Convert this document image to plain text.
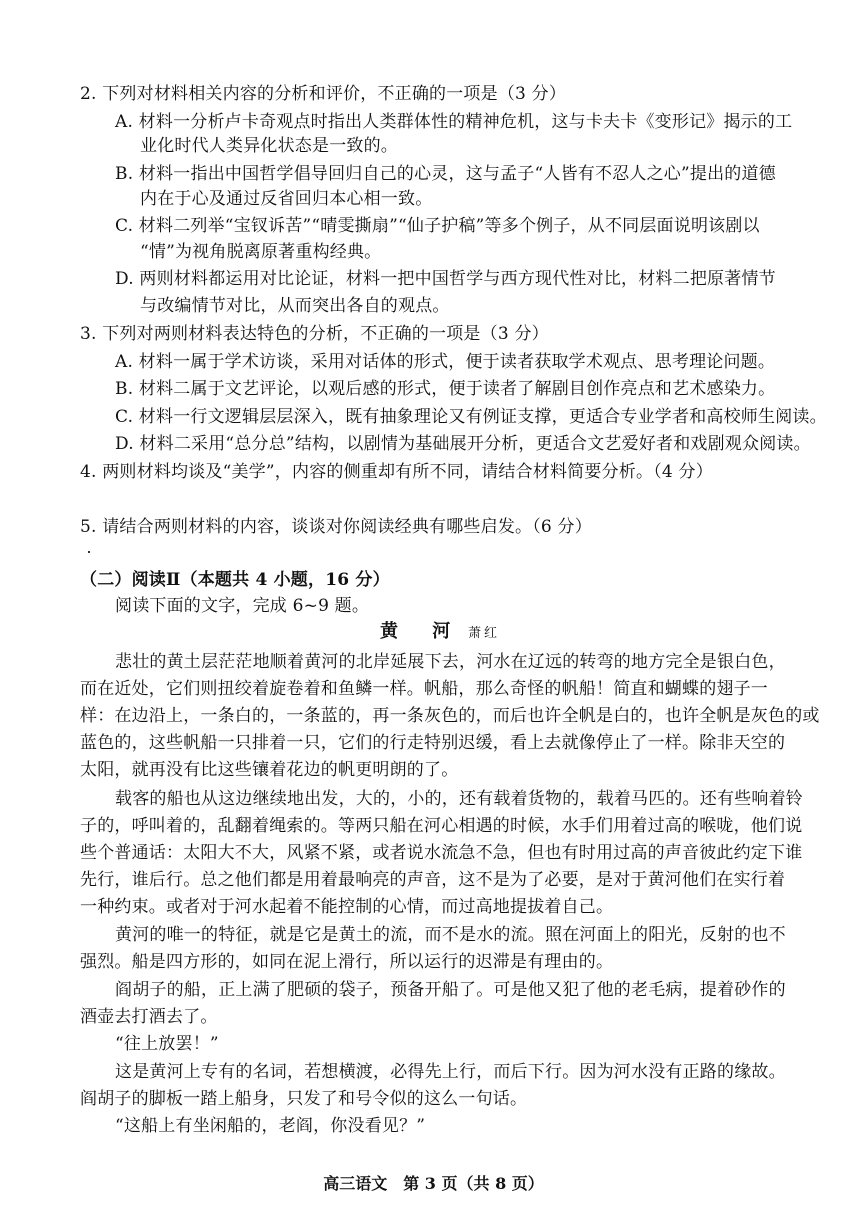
2. 下列对材料相关内容的分析和评价，不正确的一项是（3 分）
A. 材料一分析卢卡奇观点时指出人类群体性的精神危机，这与卡夫卡《变形记》揭示的工
业化时代人类异化状态是一致的。
B. 材料一指出中国哲学倡导回归自己的心灵，这与孟子“人皆有不忍人之心”提出的道德
内在于心及通过反省回归本心相一致。
C. 材料二列举“宝钗诉苦”“晴雯撕扇”“仙子护稿”等多个例子，从不同层面说明该剧以
“情”为视角脱离原著重构经典。
D. 两则材料都运用对比论证，材料一把中国哲学与西方现代性对比，材料二把原著情节
与改编情节对比，从而突出各自的观点。
3. 下列对两则材料表达特色的分析，不正确的一项是（3 分）
A. 材料一属于学术访谈，采用对话体的形式，便于读者获取学术观点、思考理论问题。
B. 材料二属于文艺评论，以观后感的形式，便于读者了解剧目创作亮点和艺术感染力。
C. 材料一行文逻辑层层深入，既有抽象理论又有例证支撑，更适合专业学者和高校师生阅读。
D. 材料二采用“总分总”结构，以剧情为基础展开分析，更适合文艺爱好者和戏剧观众阅读。
4. 两则材料均谈及“美学”，内容的侧重却有所不同，请结合材料简要分析。（4 分）
5. 请结合两则材料的内容，谈谈对你阅读经典有哪些启发。（6 分）
（二）阅读Ⅱ（本题共 4 小题，16 分）
阅读下面的文字，完成 6~9 题。
黄 河 萧红
悲壮的黄土层茫茫地顺着黄河的北岸延展下去，河水在辽远的转弯的地方完全是银白色，
而在近处，它们则扭绞着旋卷着和鱼鳞一样。帆船，那么奇怪的帆船！简直和蝴蝶的翅子一
样：在边沿上，一条白的，一条蓝的，再一条灰色的，而后也许全帆是白的，也许全帆是灰色的或
蓝色的，这些帆船一只排着一只，它们的行走特别迟缓，看上去就像停止了一样。除非天空的
太阳，就再没有比这些镶着花边的帆更明朗的了。
载客的船也从这边继续地出发，大的，小的，还有载着货物的，载着马匹的。还有些响着铃
子的，呼叫着的，乱翻着绳索的。等两只船在河心相遇的时候，水手们用着过高的喉咙，他们说
些个普通话：太阳大不大，风紧不紧，或者说水流急不急，但也有时用过高的声音彼此约定下谁
先行，谁后行。总之他们都是用着最响亮的声音，这不是为了必要，是对于黄河他们在实行着
一种约束。或者对于河水起着不能控制的心情，而过高地提拔着自己。
黄河的唯一的特征，就是它是黄土的流，而不是水的流。照在河面上的阳光，反射的也不
强烈。船是四方形的，如同在泥上滑行，所以运行的迟滞是有理由的。
阎胡子的船，正上满了肥硕的袋子，预备开船了。可是他又犯了他的老毛病，提着砂作的
酒壶去打酒去了。
“往上放罢！”
这是黄河上专有的名词，若想横渡，必得先上行，而后下行。因为河水没有正路的缘故。
阎胡子的脚板一踏上船身，只发了和号令似的这么一句话。
“这船上有坐闲船的，老阎，你没看见？”
高三语文　第 3 页（共 8 页）
